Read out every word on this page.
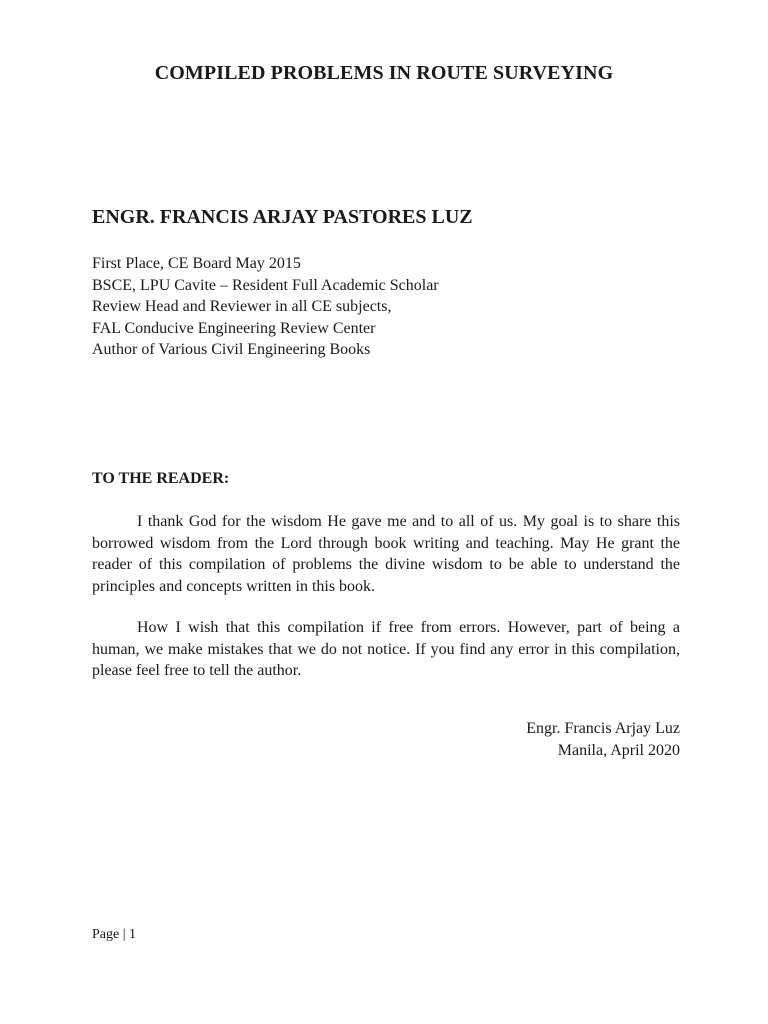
COMPILED PROBLEMS IN ROUTE SURVEYING
ENGR. FRANCIS ARJAY PASTORES LUZ
First Place, CE Board May 2015
BSCE, LPU Cavite – Resident Full Academic Scholar
Review Head and Reviewer in all CE subjects,
FAL Conducive Engineering Review Center
Author of Various Civil Engineering Books
TO THE READER:

I thank God for the wisdom He gave me and to all of us. My goal is to share this borrowed wisdom from the Lord through book writing and teaching. May He grant the reader of this compilation of problems the divine wisdom to be able to understand the principles and concepts written in this book.

How I wish that this compilation if free from errors. However, part of being a human, we make mistakes that we do not notice. If you find any error in this compilation, please feel free to tell the author.

Engr. Francis Arjay Luz
Manila, April 2020
Page | 1
